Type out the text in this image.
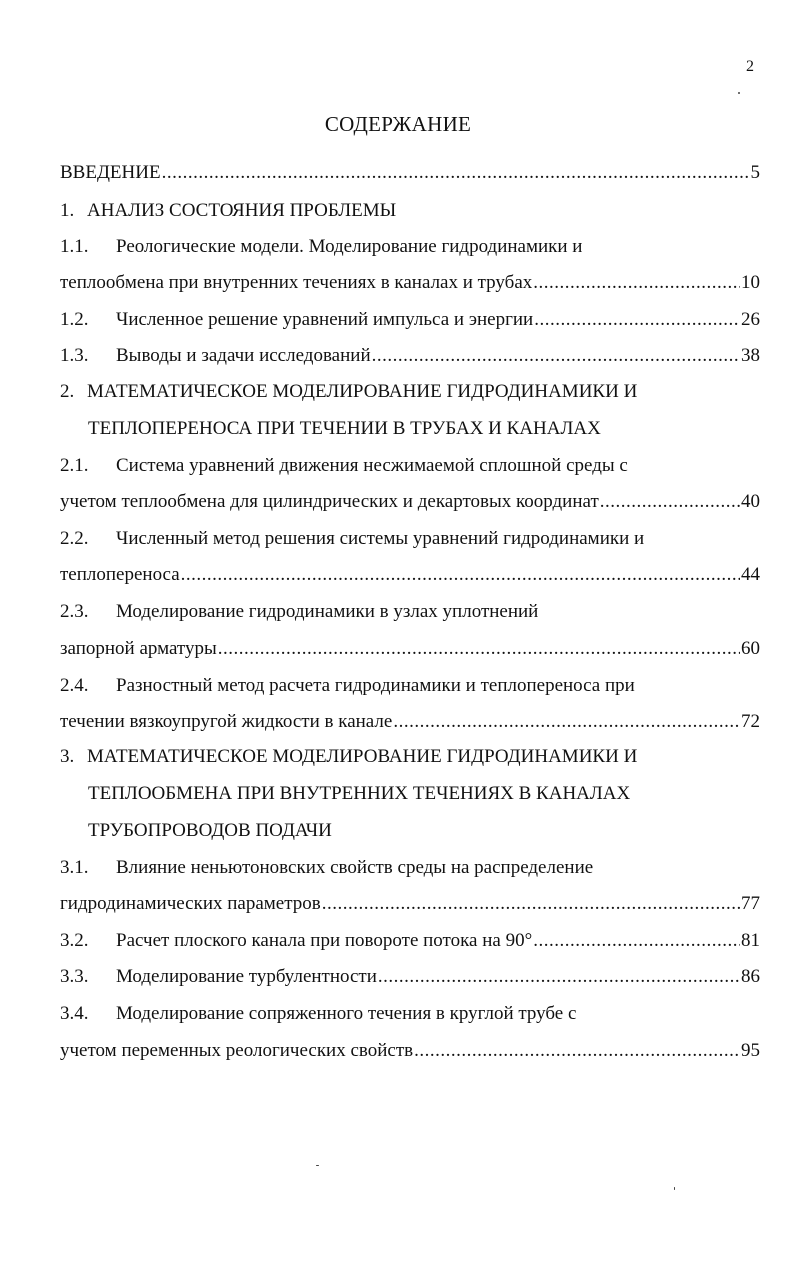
2
СОДЕРЖАНИЕ
ВВЕДЕНИЕ .....	5
1. АНАЛИЗ СОСТОЯНИЯ ПРОБЛЕМЫ
1.1.	Реологические модели. Моделирование гидродинамики и
теплообмена при внутренних течениях в каналах и трубах .....	10
1.2.	Численное решение уравнений импульса и энергии .....	26
1.3.	Выводы и задачи исследований .....	38
2. МАТЕМАТИЧЕСКОЕ МОДЕЛИРОВАНИЕ ГИДРОДИНАМИКИ И
ТЕПЛОПЕРЕНОСА ПРИ ТЕЧЕНИИ В ТРУБАХ И КАНАЛАХ
2.1.	Система уравнений движения несжимаемой сплошной среды с
учетом теплообмена для цилиндрических и декартовых координат .....	40
2.2.	Численный метод решения системы уравнений гидродинамики и
теплопереноса .....	44
2.3.	Моделирование гидродинамики в узлах уплотнений
запорной арматуры .....	60
2.4.	Разностный метод расчета гидродинамики и теплопереноса при
течении вязкоупругой жидкости в канале .....	72
3. МАТЕМАТИЧЕСКОЕ МОДЕЛИРОВАНИЕ ГИДРОДИНАМИКИ И
ТЕПЛООБМЕНА ПРИ ВНУТРЕННИХ ТЕЧЕНИЯХ В КАНАЛАХ
ТРУБОПРОВОДОВ ПОДАЧИ
3.1.	Влияние неньютоновских свойств среды на распределение
гидродинамических параметров .....	77
3.2.	Расчет плоского канала при повороте потока на 90° .....	81
3.3.	Моделирование турбулентности .....	86
3.4.	Моделирование сопряженного течения в круглой трубе с
учетом переменных реологических свойств .....	95
